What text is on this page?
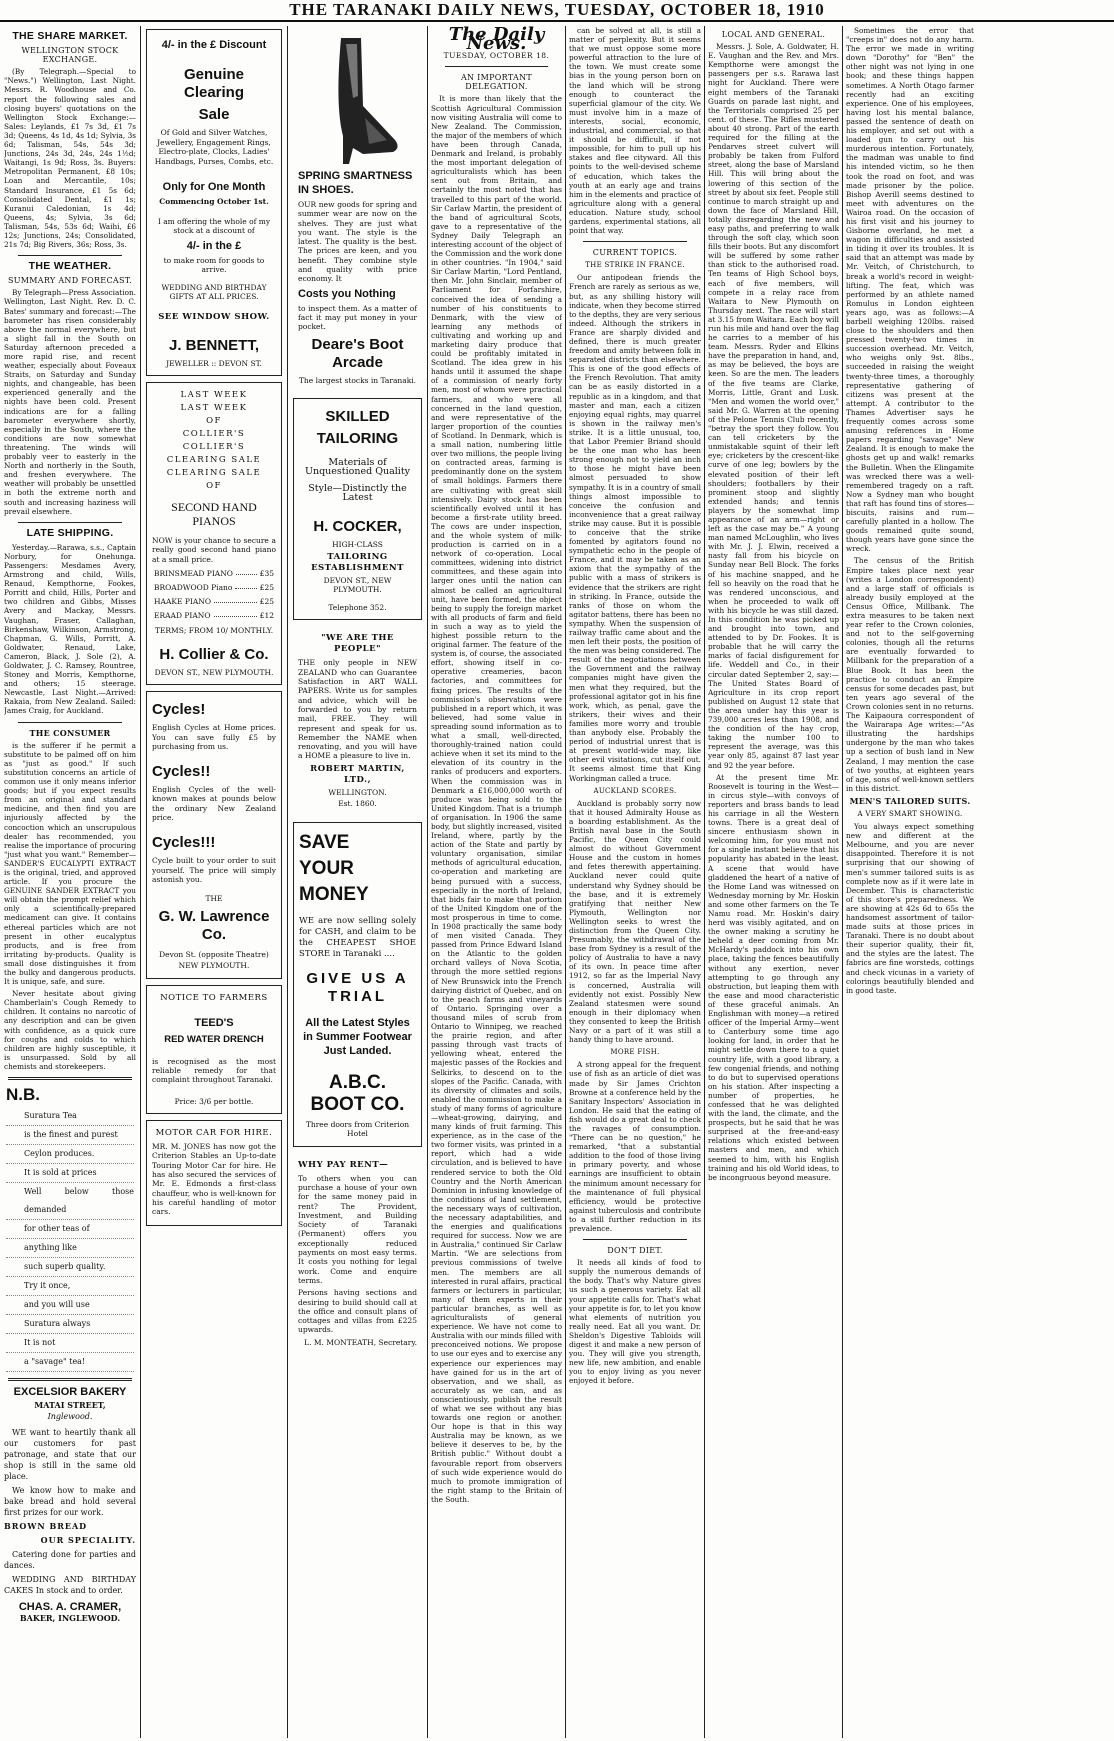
THE TARANAKI DAILY NEWS, TUESDAY, OCTOBER 18, 1910
THE SHARE MARKET.
WELLINGTON STOCK EXCHANGE.

(By Telegraph.—Special to "News.") Wellington, Last Night. Messrs. R. Woodhouse and Co. report the following sales and closing buyers' quotations on the Wellington Stock Exchange:—Sales: Leylands, £1 7s 3d, £1 7s 3d; Queens, 4s 1d, 4s 1d; Sylvia, 3s 6d; Talisman, 54s, 54s 3d; Junctions, 24s 3d, 24s, 24s 1½d; Waitangi, 1s 9d; Ross, 3s. Buyers: Metropolitan Permanent, £8 10s; Loan and Mercantile, 10s; Standard Insurance, £1 5s 6d; Consolidated Dental, £1 1s; Kuranui Caledonian, 1s 4d; Queens, 4s; Sylvia, 3s 6d; Talisman, 54s, 53s 6d; Waihi, £6 12s; Junctions, 24s; Consolidated, 21s 7d; Big Rivers, 36s; Ross, 3s.

THE WEATHER.
SUMMARY AND FORECAST.

By Telegraph—Press Association. Wellington, Last Night. Rev. D. C. Bates' summary and forecast:—The barometer has risen considerably above the normal everywhere, but a slight fall in the South on Saturday afternoon preceded a more rapid rise, and recent weather, especially about Foveaux Straits, on Saturday and Sunday nights, and changeable, has been experienced generally and the nights have been cold. Present indications are for a falling barometer everywhere shortly, especially in the South, where the conditions are now somewhat threatening. The winds will probably veer to easterly in the North and northerly in the South, and freshen everywhere. The weather will probably be unsettled in both the extreme north and south and increasing haziness will prevail elsewhere.

LATE SHIPPING.

Yesterday.—Rarawa, s.s., Captain Norbury, for Onehunga. Passengers: Mesdames Avery, Armstrong and child, Wills, Renaud, Kempthorne, Fookes, Porritt and child, Hills, Porter and two children and Gibbs, Misses Avery and Mackay, Messrs. Vaughan, Fraser, Callaghan, Birkenshaw, Wilkinson, Armstrong, Chapman, G. Wills, Porritt, A. Goldwater, Renaud, Lake, Cameron, Black, J. Sole (2), A. Goldwater, J. C. Ramsey, Rountree, Stoney and Morris, Kempthorne, and others; 15 steerage. Newcastle, Last Night.—Arrived: Rakaia, from New Zealand. Sailed: James Craig, for Auckland.

THE CONSUMER

is the sufferer if he permit a substitute to be palmed off on him as "just as good." If such substitution concerns an article of common use it only means inferior goods; but if you expect results from an original and standard medicine, and then find you are injuriously affected by the concoction which an unscrupulous dealer has recommended, you realise the importance of procuring "just what you want." Remember—SANDER'S EUCALYPTI EXTRACT is the original, tried, and approved article. If you procure the GENUINE SANDER EXTRACT you will obtain the prompt relief which only a scientifically-prepared medicament can give. It contains ethereal particles which are not present in other eucalyptus products, and is free from irritating by-products. Quality is small dose distinguishes it from the bulky and dangerous products. It is unique, safe, and sure.

Never hesitate about giving Chamberlain's Cough Remedy to children. It contains no narcotic of any description and can be given with confidence, as a quick cure for coughs and colds to which children are highly susceptible, it is unsurpassed. Sold by all chemists and storekeepers.

N.B.
Suratura Tea
is the finest and purest
Ceylon produces.
It is sold at prices
Well below those demanded
for other teas of
anything like
such superb quality.
Try it once,
and you will use
Suratura always
It is not
a "savage" tea!
EXCELSIOR BAKERY
MATAI STREET,
Inglewood.

WE want to heartily thank all our customers for past patronage, and state that our shop is still in the same old place.

We know how to make and bake bread and hold several first prizes for our work.

BROWN BREAD
OUR SPECIALITY.

Catering done for parties and dances.

WEDDING AND BIRTHDAY CAKES In stock and to order.

CHAS. A. CRAMER,
BAKER, INGLEWOOD.
4/- in the £ Discount
Genuine Clearing
Sale
Of Gold and Silver Watches, Jewellery, Engagement Rings, Electro-plate, Clocks, Ladies' Handbags, Purses, Combs, etc.
Only for One Month
Commencing October 1st.
I am offering the whole of my stock at a discount of
4/- in the £
to make room for goods to arrive.
WEDDING AND BIRTHDAY GIFTS AT ALL PRICES.
SEE WINDOW SHOW.
J. BENNETT,
JEWELLER :: DEVON ST.
LAST WEEK
LAST WEEK
OF
COLLIER'S
COLLIER'S
CLEARING SALE
CLEARING SALE
OF
SECOND HAND PIANOS
NOW is your chance to secure a really good second hand piano at a small price.
BRINSMEAD PIANO	£35
BROADWOOD Piano	£25
HAAKE PIANO	£25
ERAAD PIANO	£12
TERMS; FROM 10/ MONTHLY.
H. Collier & Co.
DEVON ST., NEW PLYMOUTH.
Cycles!
English Cycles at Home prices. You can save fully £5 by purchasing from us.
Cycles!!
English Cycles of the well-known makes at pounds below the ordinary New Zealand price.
Cycles!!!
Cycle built to your order to suit yourself. The price will simply astonish you.
THE
G. W. Lawrence Co.
Devon St. (opposite Theatre)
NEW PLYMOUTH.
NOTICE TO FARMERS
TEED'S
RED WATER DRENCH
is recognised as the most reliable remedy for that complaint throughout Taranaki.
Price: 3/6 per bottle.
MOTOR CAR FOR HIRE.
MR. M. JONES has now got the Criterion Stables an Up-to-date Touring Motor Car for hire. He has also secured the services of Mr. E. Edmonds a first-class chauffeur, who is well-known for his careful handling of motor cars.
SPRING SMARTNESS IN SHOES.
OUR new goods for spring and summer wear are now on the shelves. They are just what you want. The style is the latest. The quality is the best. The prices are keen, and you benefit. They combine style and quality with price economy. It
Costs you Nothing
to inspect them. As a matter of fact it may put money in your pocket.
Deare's Boot Arcade
The largest stocks in Taranaki.
SKILLED
TAILORING
Materials of Unquestioned Quality
Style—Distinctly the Latest
H. COCKER,
HIGH-CLASS
TAILORING ESTABLISHMENT
DEVON ST., NEW PLYMOUTH.
Telephone 352.
"WE ARE THE PEOPLE"
THE only people in NEW ZEALAND who can Guarantee Satisfaction in ART WALL PAPERS. Write us for samples and advice, which will be forwarded to you by return mail, FREE. They will represent and speak for us. Remember the NAME when renovating, and you will have a HOME a pleasure to live in.
ROBERT MARTIN, LTD.,
WELLINGTON.
Est. 1860.
SAVE
YOUR
MONEY
WE are now selling solely for CASH, and claim to be the CHEAPEST SHOE STORE in Taranaki ....
GIVE US A TRIAL
All the Latest Styles in Summer Footwear Just Landed.
A.B.C. BOOT CO.
Three doors from Criterion Hotel
WHY PAY RENT—
To others when you can purchase a house of your own for the same money paid in rent? The Provident, Investment, and Building Society of Taranaki (Permanent) offers you exceptionally reduced payments on most easy terms. It costs you nothing for legal work. Come and enquire terms.
Persons having sections and desiring to build should call at the office and consult plans of cottages and villas from £225 upwards.
L. M. MONTEATH, Secretary.
The Daily News.
TUESDAY, OCTOBER 18.
AN IMPORTANT DELEGATION.

It is more than likely that the Scottish Agricultural Commission now visiting Australia will come to New Zealand. The Commission, the major of the members of which have been through Canada, Denmark and Ireland, is probably the most important delegation of agriculturalists which has been sent out from Britain, and certainly the most noted that has travelled to this part of the world. Sir Carlaw Martin, the president of the band of agricultural Scots, gave to a representative of the Sydney Daily Telegraph an interesting account of the object of the Commission and the work done in other countries. "In 1904," said Sir Carlaw Martin, "Lord Pentland, then Mr. John Sinclair, member of Parliament for Forfarshire, conceived the idea of sending a number of his constituents to Denmark, with the view of learning any methods of cultivating and working up and marketing dairy produce that could be profitably imitated in Scotland. The idea grew in his hands until it assumed the shape of a commission of nearly forty men, most of whom were practical farmers, and who were all concerned in the land question, and were representative of the larger proportion of the counties of Scotland. In Denmark, which is a small nation, numbering little over two millions, the people living on contracted areas, farming is predominantly done on the system of small holdings. Farmers there are cultivating with great skill intensively. Dairy stock has been scientifically evolved until it has become a first-rate utility breed. The cows are under inspection, and the whole system of milk-production is carried on in a network of co-operation. Local committees, widening into district committees, and these again into larger ones until the nation can almost be called an agricultural unit, have been formed, the object being to supply the foreign market with all products of farm and field in such a way as to yield the highest possible return to the original farmer. The feature of the system is, of course, the associated effort, showing itself in co-operative creameries, bacon factories, and committees for fixing prices. The results of the commission's observations were published in a report which, it was believed, had some value in spreading sound information as to what a small, well-directed, thoroughly-trained nation could achieve when it set its mind to the elevation of its country in the ranks of producers and exporters. When the commission was in Denmark a £16,000,000 worth of produce was being sold to the United Kingdom. That is a triumph of organisation. In 1906 the same body, but slightly increased, visited Ireland, where, partly by the action of the State and partly by voluntary organisation, similar methods of agricultural education, co-operation and marketing are being pursued with a success, especially in the north of Ireland, that bids fair to make that portion of the United Kingdom one of the most prosperous in time to come. In 1908 practically the same body of men visited Canada. They passed from Prince Edward Island on the Atlantic to the golden orchard valleys of Nova Scotia, through the more settled regions of New Brunswick into the French dairying district of Quebec, and on to the peach farms and vineyards of Ontario. Springing over a thousand miles of scrub from Ontario to Winnipeg, we reached the prairie region, and after passing through vast tracts of yellowing wheat, entered the majestic passes of the Rockies and Selkirks, to descend on to the slopes of the Pacific. Canada, with its diversity of climates and soils, enabled the commission to make a study of many forms of agriculture—wheat-growing, dairying, and many kinds of fruit farming. This experience, as in the case of the two former visits, was printed in a report, which had a wide circulation, and is believed to have rendered service to both the Old Country and the North American Dominion in infusing knowledge of the conditions of land settlement, the necessary ways of cultivation, the necessary adaptabilities, and the energies and qualifications required for success. Now we are in Australia," continued Sir Carlaw Martin. "We are selections from previous commissions of twelve men. The members are all interested in rural affairs, practical farmers or lecturers in particular, many of them experts in their particular branches, as well as agriculturalists of general experience. We have not come to Australia with our minds filled with preconceived notions. We propose to use our eyes and to exercise any experience our experiences may have gained for us in the art of observation, and we shall, as accurately as we can, and as conscientiously, publish the result of what we see without any bias towards one region or another. Our hope is that in this way Australia may be known, as we believe it deserves to be, by the British public." Without doubt a favourable report from observers of such wide experience would do much to promote immigration of the right stamp to the Britain of the South.

can be solved at all, is still a matter of perplexity. But it seems that we must oppose some more powerful attraction to the lure of the town. We must create some bias in the young person born on the land which will be strong enough to counteract the superficial glamour of the city. We must involve him in a maze of interests, social, economic, industrial, and commercial, so that it should be difficult, if not impossible, for him to pull up his stakes and flee cityward. All this points to the well-devised scheme of education, which takes the youth at an early age and trains him in the elements and practice of agriculture along with a general education. Nature study, school gardens, experimental stations, all point that way.

CURRENT TOPICS.
THE STRIKE IN FRANCE.

Our antipodean friends the French are rarely as serious as we, but, as any shilling history will indicate, when they become stirred to the depths, they are very serious indeed. Although the strikers in France are sharply divided and defined, there is much greater freedom and amity between folk in separated districts than elsewhere. This is one of the good effects of the French Revolution. That amity can be as easily distorted in a republic as in a kingdom, and that master and man, each a citizen enjoying equal rights, may quarrel is shown in the railway men's strike. It is a little unusual, too, that Labor Premier Briand should be the one man who has been strong enough not to yield an inch to those he might have been almost persuaded to show sympathy. It is in a country of small things almost impossible to conceive the confusion and inconvenience that a great railway strike may cause. But it is possible to conceive that the strike fomented by agitators found no sympathetic echo in the people of France, and it may be taken as an axiom that the sympathy of the public with a mass of strikers is evidence that the strikers are right in striking. In France, outside the ranks of those on whom the agitator battens, there has been no sympathy. When the suspension of railway traffic came about and the men left their posts, the position of the men was being considered. The result of the negotiations between the Government and the railway companies might have given the men what they required, but the professional agitator got in his fine work, which, as penal, gave the strikers, their wives and their families more worry and trouble than anybody else. Probably the period of industrial unrest that is at present world-wide may, like other evil visitations, cut itself out. It seems almost time that King Workingman called a truce.

AUCKLAND SCORES.

Auckland is probably sorry now that it housed Admiralty House as a boarding establishment. As the British naval base in the South Pacific, the Queen City could almost do without Government House and the custom in homes and fetes therewith appertaining. Auckland never could quite understand why Sydney should be the base, and it is extremely gratifying that neither New Plymouth, Wellington nor Wellington seeks to wrest the distinction from the Queen City. Presumably, the withdrawal of the base from Sydney is a result of the policy of Australia to have a navy of its own. In peace time after 1912, so far as the Imperial Navy is concerned, Australia will evidently not exist. Possibly New Zealand statesmen were sound enough in their diplomacy when they consented to keep the British Navy or a part of it was still a handy thing to have around.

MORE FISH.

A strong appeal for the frequent use of fish as an article of diet was made by Sir James Crichton Browne at a conference held by the Sanitary Inspectors' Association in London. He said that the eating of fish would do a great deal to check the ravages of consumption. "There can be no question," he remarked, "that a substantial addition to the food of those living in primary poverty, and whose earnings are insufficient to obtain the minimum amount necessary for the maintenance of full physical efficiency, would be protective against tuberculosis and contribute to a still further reduction in its prevalence.

DON'T DIET.

It needs all kinds of food to supply the numerous demands of the body. That's why Nature gives us such a generous variety. Eat all your appetite calls for. That's what your appetite is for, to let you know what elements of nutrition you really need. Eat all you want. Dr. Sheldon's Digestive Tabloids will digest it and make a new person of you. They will give you strength, new life, new ambition, and enable you to enjoy living as you never enjoyed it before.

LOCAL AND GENERAL.

Messrs. J. Sole, A. Goldwater, H. E. Vaughan and the Rev. and Mrs. Kempthorne were amongst the passengers per s.s. Rarawa last night for Auckland. There were eight members of the Taranaki Guards on parade last night, and the Territorials comprised 25 per cent. of these. The Rifles mustered about 40 strong. Part of the earth required for the filling at the Pendarves street culvert will probably be taken from Fulford street, along the base of Marsland Hill. This will bring about the lowering of this section of the street by about six feet. People still continue to march straight up and down the face of Marsland Hill, totally disregarding the new and easy paths, and preferring to walk through the soft clay, which soon fills their boots. But any discomfort will be suffered by some rather than stick to the authorised road. Ten teams of High School boys, each of five members, will compete in a relay race from Waitara to New Plymouth on Thursday next. The race will start at 3.15 from Waitara. Each boy will run his mile and hand over the flag he carries to a member of his team. Messrs. Ryder and Elkins have the preparation in hand, and, as may be believed, the boys are keen. So are the men. The leaders of the five teams are Clarke, Morris, Little, Grant and Lusk. "Men and women the world over," said Mr. G. Warren at the opening of the Pelone Tennis Club recently, "betray the sport they follow. You can tell cricketers by the unmistakable squint of their left eye; cricketers by the crescent-like curve of one leg; bowlers by the elevated position of their left shoulders; footballers by their prominent stoop and slightly extended hands; and tennis players by the somewhat limp appearance of an arm—right or left as the case may be." A young man named McLoughlin, who lives with Mr. J. J. Elwin, received a nasty fall from his bicycle on Sunday near Bell Block. The forks of his machine snapped, and he fell so heavily on the road that he was rendered unconscious, and when he proceeded to walk off with his bicycle he was still dazed. In this condition he was picked up and brought into town, and attended to by Dr. Fookes. It is probable that he will carry the marks of facial disfigurement for life. Weddell and Co., in their circular dated September 2, say:—The United States Board of Agriculture in its crop report published on August 12 state that the area under hay this year is 739,000 acres less than 1908, and the condition of the hay crop, taking the number 100 to represent the average, was this year only 85, against 87 last year and 92 the year before.

At the present time Mr. Roosevelt is touring in the West—in circus style—with convoys of reporters and brass bands to lead his carriage in all the Western towns. There is a great deal of sincere enthusiasm shown in welcoming him, for you must not for a single instant believe that his popularity has abated in the least. A scene that would have gladdened the heart of a native of the Home Land was witnessed on Wednesday morning by Mr. Hoskin and some other farmers on the Te Namu road. Mr. Hoskin's dairy herd was visibly agitated, and on the owner making a scrutiny he beheld a deer coming from Mr. McHardy's paddock into his own place, taking the fences beautifully without any exertion, never attempting to go through any obstruction, but leaping them with the ease and mood characteristic of these graceful animals. An Englishman with money—a retired officer of the Imperial Army—went to Canterbury some time ago looking for land, in order that he might settle down there to a quiet country life, with a good library, a few congenial friends, and nothing to do but to supervised operations on his station. After inspecting a number of properties, he confessed that he was delighted with the land, the climate, and the prospects, but he said that he was surprised at the free-and-easy relations which existed between masters and men, and which seemed to him, with his English training and his old World ideas, to be incongruous beyond measure.

Sometimes the error that "creeps in" does not do any harm. The error we made in writing down "Dorothy" for "Ben" the other night was not lying in one book; and these things happen sometimes. A North Otago farmer recently had an exciting experience. One of his employees, having lost his mental balance, passed the sentence of death on his employer, and set out with a loaded gun to carry out his murderous intention. Fortunately, the madman was unable to find his intended victim, so he then took the road on foot, and was made prisoner by the police. Bishop Averill seems destined to meet with adventures on the Wairoa road. On the occasion of his first visit and his journey to Gisborne overland, he met a wagon in difficulties and assisted in tiding it over its troubles. It is said that an attempt was made by Mr. Veitch, of Christchurch, to break a world's record in weight-lifting. The feat, which was performed by an athlete named Romulus in London eighteen years ago, was as follows:—A barbell weighing 120lbs. raised close to the shoulders and then pressed twenty-two times in succession overhead. Mr. Veitch, who weighs only 9st. 8lbs., succeeded in raising the weight twenty-three times, a thoroughly representative gathering of citizens was present at the attempt. A contributor to the Thames Advertiser says he frequently comes across some amusing references in Home papers regarding "savage" New Zealand. It is enough to make the ghosts get up and walk! remarks the Bulletin. When the Elingamite was wrecked there was a well-remembered tragedy on a raft. Now a Sydney man who bought that raft has found tins of stores—biscuits, raisins and rum—carefully planted in a hollow. The goods remained quite sound, though years have gone since the wreck.

The census of the British Empire takes place next year (writes a London correspondent) and a large staff of officials is already busily employed at the Census Office, Millbank. The extra measures to be taken next year refer to the Crown colonies, and not to the self-governing colonies, though all the returns are eventually forwarded to Millbank for the preparation of a Blue Book. It has been the practice to conduct an Empire census for some decades past, but ten years ago several of the Crown colonies sent in no returns. The Kaipaoura correspondent of the Wairarapa Age writes:—"As illustrating the hardships undergone by the man who takes up a section of bush land in New Zealand, I may mention the case of two youths, at eighteen years of age, sons of well-known settlers in this district.

MEN'S TAILORED SUITS.
A VERY SMART SHOWING.

You always expect something new and different at the Melbourne, and you are never disappointed. Therefore it is not surprising that our showing of men's summer tailored suits is as complete now as if it were late in December. This is characteristic of this store's preparedness. We are showing at 42s 6d to 65s the handsomest assortment of tailor-made suits at those prices in Taranaki. There is no doubt about their superior quality, their fit, and the styles are the latest. The fabrics are fine worsteds, cottings and check vicunas in a variety of colorings beautifully blended and in good taste.
